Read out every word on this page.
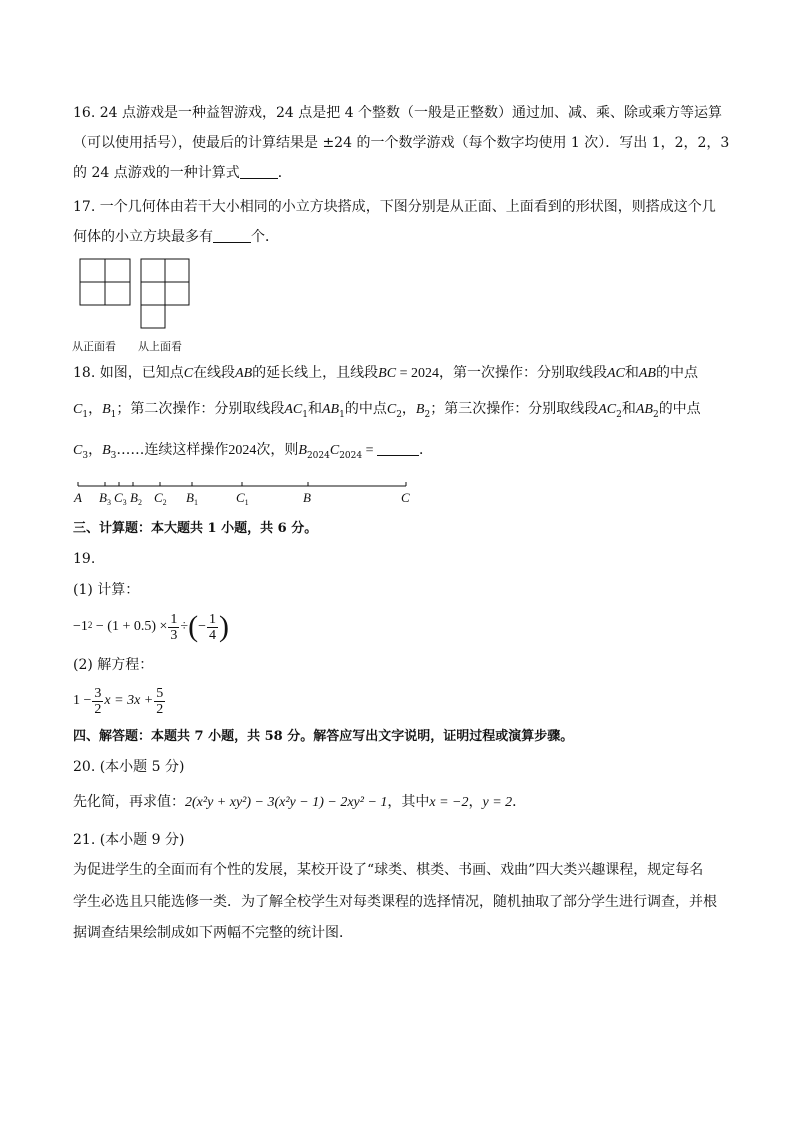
16. 24 点游戏是一种益智游戏，24 点是把 4 个整数（一般是正整数）通过加、减、乘、除或乘方等运算
（可以使用括号），使最后的计算结果是 ±24 的一个数学游戏（每个数字均使用 1 次）．写出 1，2，2，3
的 24 点游戏的一种计算式	．
17. 一个几何体由若干大小相同的小立方块搭成，下图分别是从正面、上面看到的形状图，则搭成这个几
何体的小立方块最多有	个．
从正面看 从上面看
18. 如图，已知点C在线段AB的延长线上，且线段BC = 2024，第一次操作：分别取线段AC和AB的中点
$C_1$，$B_1$；第二次操作：分别取线段$AC_1$和$AB_1$的中点$C_2$，$B_2$；第三次操作：分别取线段$AC_2$和$AB_2$的中点
$C_3$，$B_3\dots\dots$连续这样操作2024次，则$B_{2024}C_{2024}$ =	．
A $B_3$ $C_3$ $B_2$ $C_2$ $B_1$	$C_1$	B	C
三、计算题：本大题共 1 小题，共 6 分。
19.
(1) 计算：
−1 $2 - (1 + 0.5) \times \frac{1}{3}$ ÷ ( − $\frac{1}{4}$ )
(2) 解方程：
$1 - \frac{3}{2}$ $x = 3x + \frac{5}{2}$
四、解答题：本题共 7 小题，共 58 分。解答应写出文字说明，证明过程或演算步骤。
20. (本小题 5 分)
先化简，再求值：2(x²y + xy²) − 3(x²y − 1) − 2xy² − 1，其中x = −2，y = 2．
21. (本小题 9 分)
为促进学生的全面而有个性的发展，某校开设了“球类、棋类、书画、戏曲”四大类兴趣课程，规定每名
学生必选且只能选修一类．为了解全校学生对每类课程的选择情况，随机抽取了部分学生进行调查，并根
据调查结果绘制成如下两幅不完整的统计图．
